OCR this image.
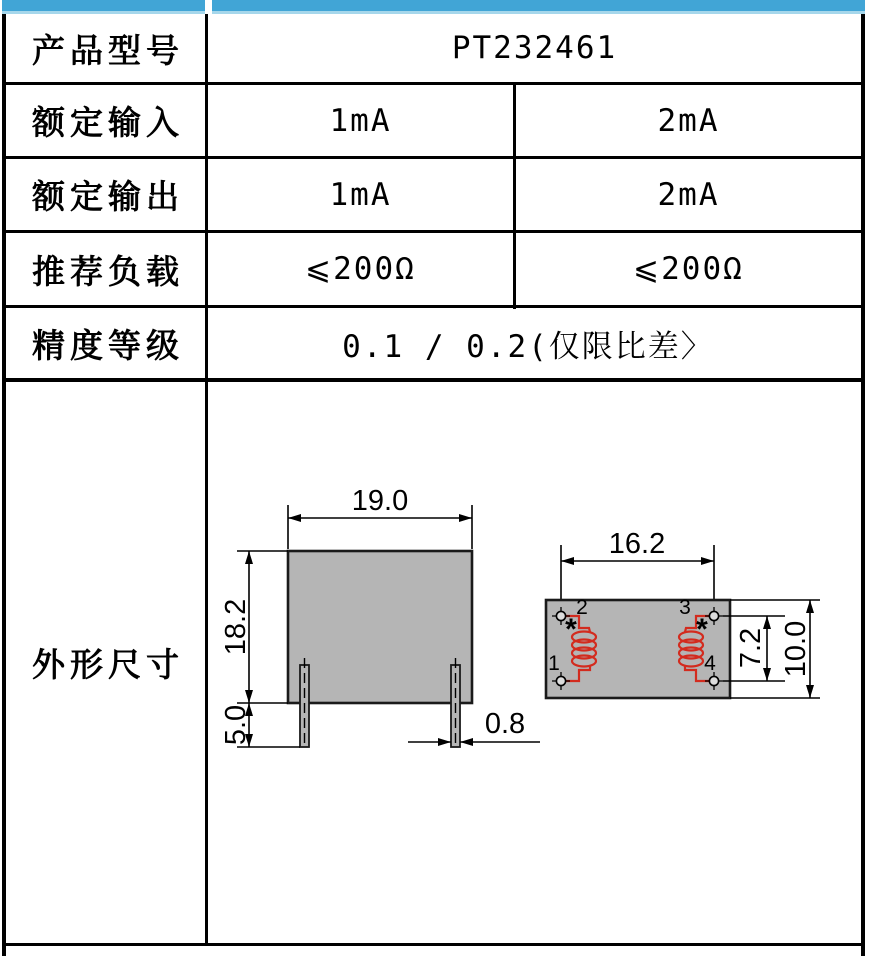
产品型号	PT232461
额定输入	1mA	2mA
额定输出	1mA	2mA
推荐负载	⩽200Ω	⩽200Ω
精度等级	0.1 / 0.2(仅限比差〉
外形尺寸
19.0
18.2
5.0	0.8
16.2
2	3
1	4
*	* 7.2 10.0
